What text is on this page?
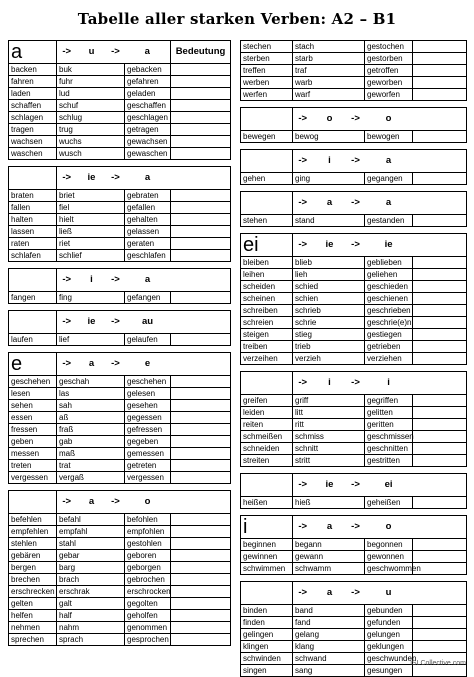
Tabelle aller starken Verben: A2 – B1
a	->	u	->	a	Bedeutung
backen	buk			gebacken	
fahren	fuhr			gefahren	
laden	lud			geladen	
schaffen	schuf			geschaffen	
schlagen	schlug			geschlagen	
tragen	trug			getragen	
wachsen	wuchs			gewachsen	
waschen	wusch			gewaschen	

	->	ie	->	a	
braten	briet			gebraten	
fallen	fiel			gefallen	
halten	hielt			gehalten	
lassen	ließ			gelassen	
raten	riet			geraten	
schlafen	schlief			geschlafen	

	->	i	->	a	
fangen	fing			gefangen	

	->	ie	->	au	
laufen	lief			gelaufen	

e	->	a	->	e	
geschehen	geschah			geschehen	
lesen	las			gelesen	
sehen	sah			gesehen	
essen	aß			gegessen	
fressen	fraß			gefressen	
geben	gab			gegeben	
messen	maß			gemessen	
treten	trat			getreten	
vergessen	vergaß			vergessen	

	->	a	->	o	
befehlen	befahl			befohlen	
empfehlen	empfahl			empfohlen	
stehlen	stahl			gestohlen	
gebären	gebar			geboren	
bergen	barg			geborgen	
brechen	brach			gebrochen	
erschrecken	erschrak			erschrocken	
gelten	galt			gegolten	
helfen	half			geholfen	
nehmen	nahm			genommen	
sprechen	sprach			gesprochen	
stechen	stach			gestochen	
sterben	starb			gestorben	
treffen	traf			getroffen	
werben	warb			geworben	
werfen	warf			geworfen	

	->	o	->	o	
bewegen	bewog			bewogen	

	->	i	->	a	
gehen	ging			gegangen	

	->	a	->	a	
stehen	stand			gestanden	

ei	->	ie	->	ie	
bleiben	blieb			geblieben	
leihen	lieh			geliehen	
scheiden	schied			geschieden	
scheinen	schien			geschienen	
schreiben	schrieb			geschrieben	
schreien	schrie			geschrie(e)n	
steigen	stieg			gestiegen	
treiben	trieb			getrieben	
verzeihen	verzieh			verziehen	

	->	i	->	i	
greifen	griff			gegriffen	
leiden	litt			gelitten	
reiten	ritt			geritten	
schmeißen	schmiss			geschmissen	
schneiden	schnitt			geschnitten	
streiten	stritt			gestritten	

	->	ie	->	ei	
heißen	hieß			geheißen	

i	->	a	->	o	
beginnen	begann			begonnen	
gewinnen	gewann			gewonnen	
schwimmen	schwamm			geschwommen	

	->	a	->	u	
binden	band			gebunden	
finden	fand			gefunden	
gelingen	gelang			gelungen	
klingen	klang			geklungen	
schwinden	schwand			geschwunden	
singen	sang			gesungen	
iSLCollective.com
